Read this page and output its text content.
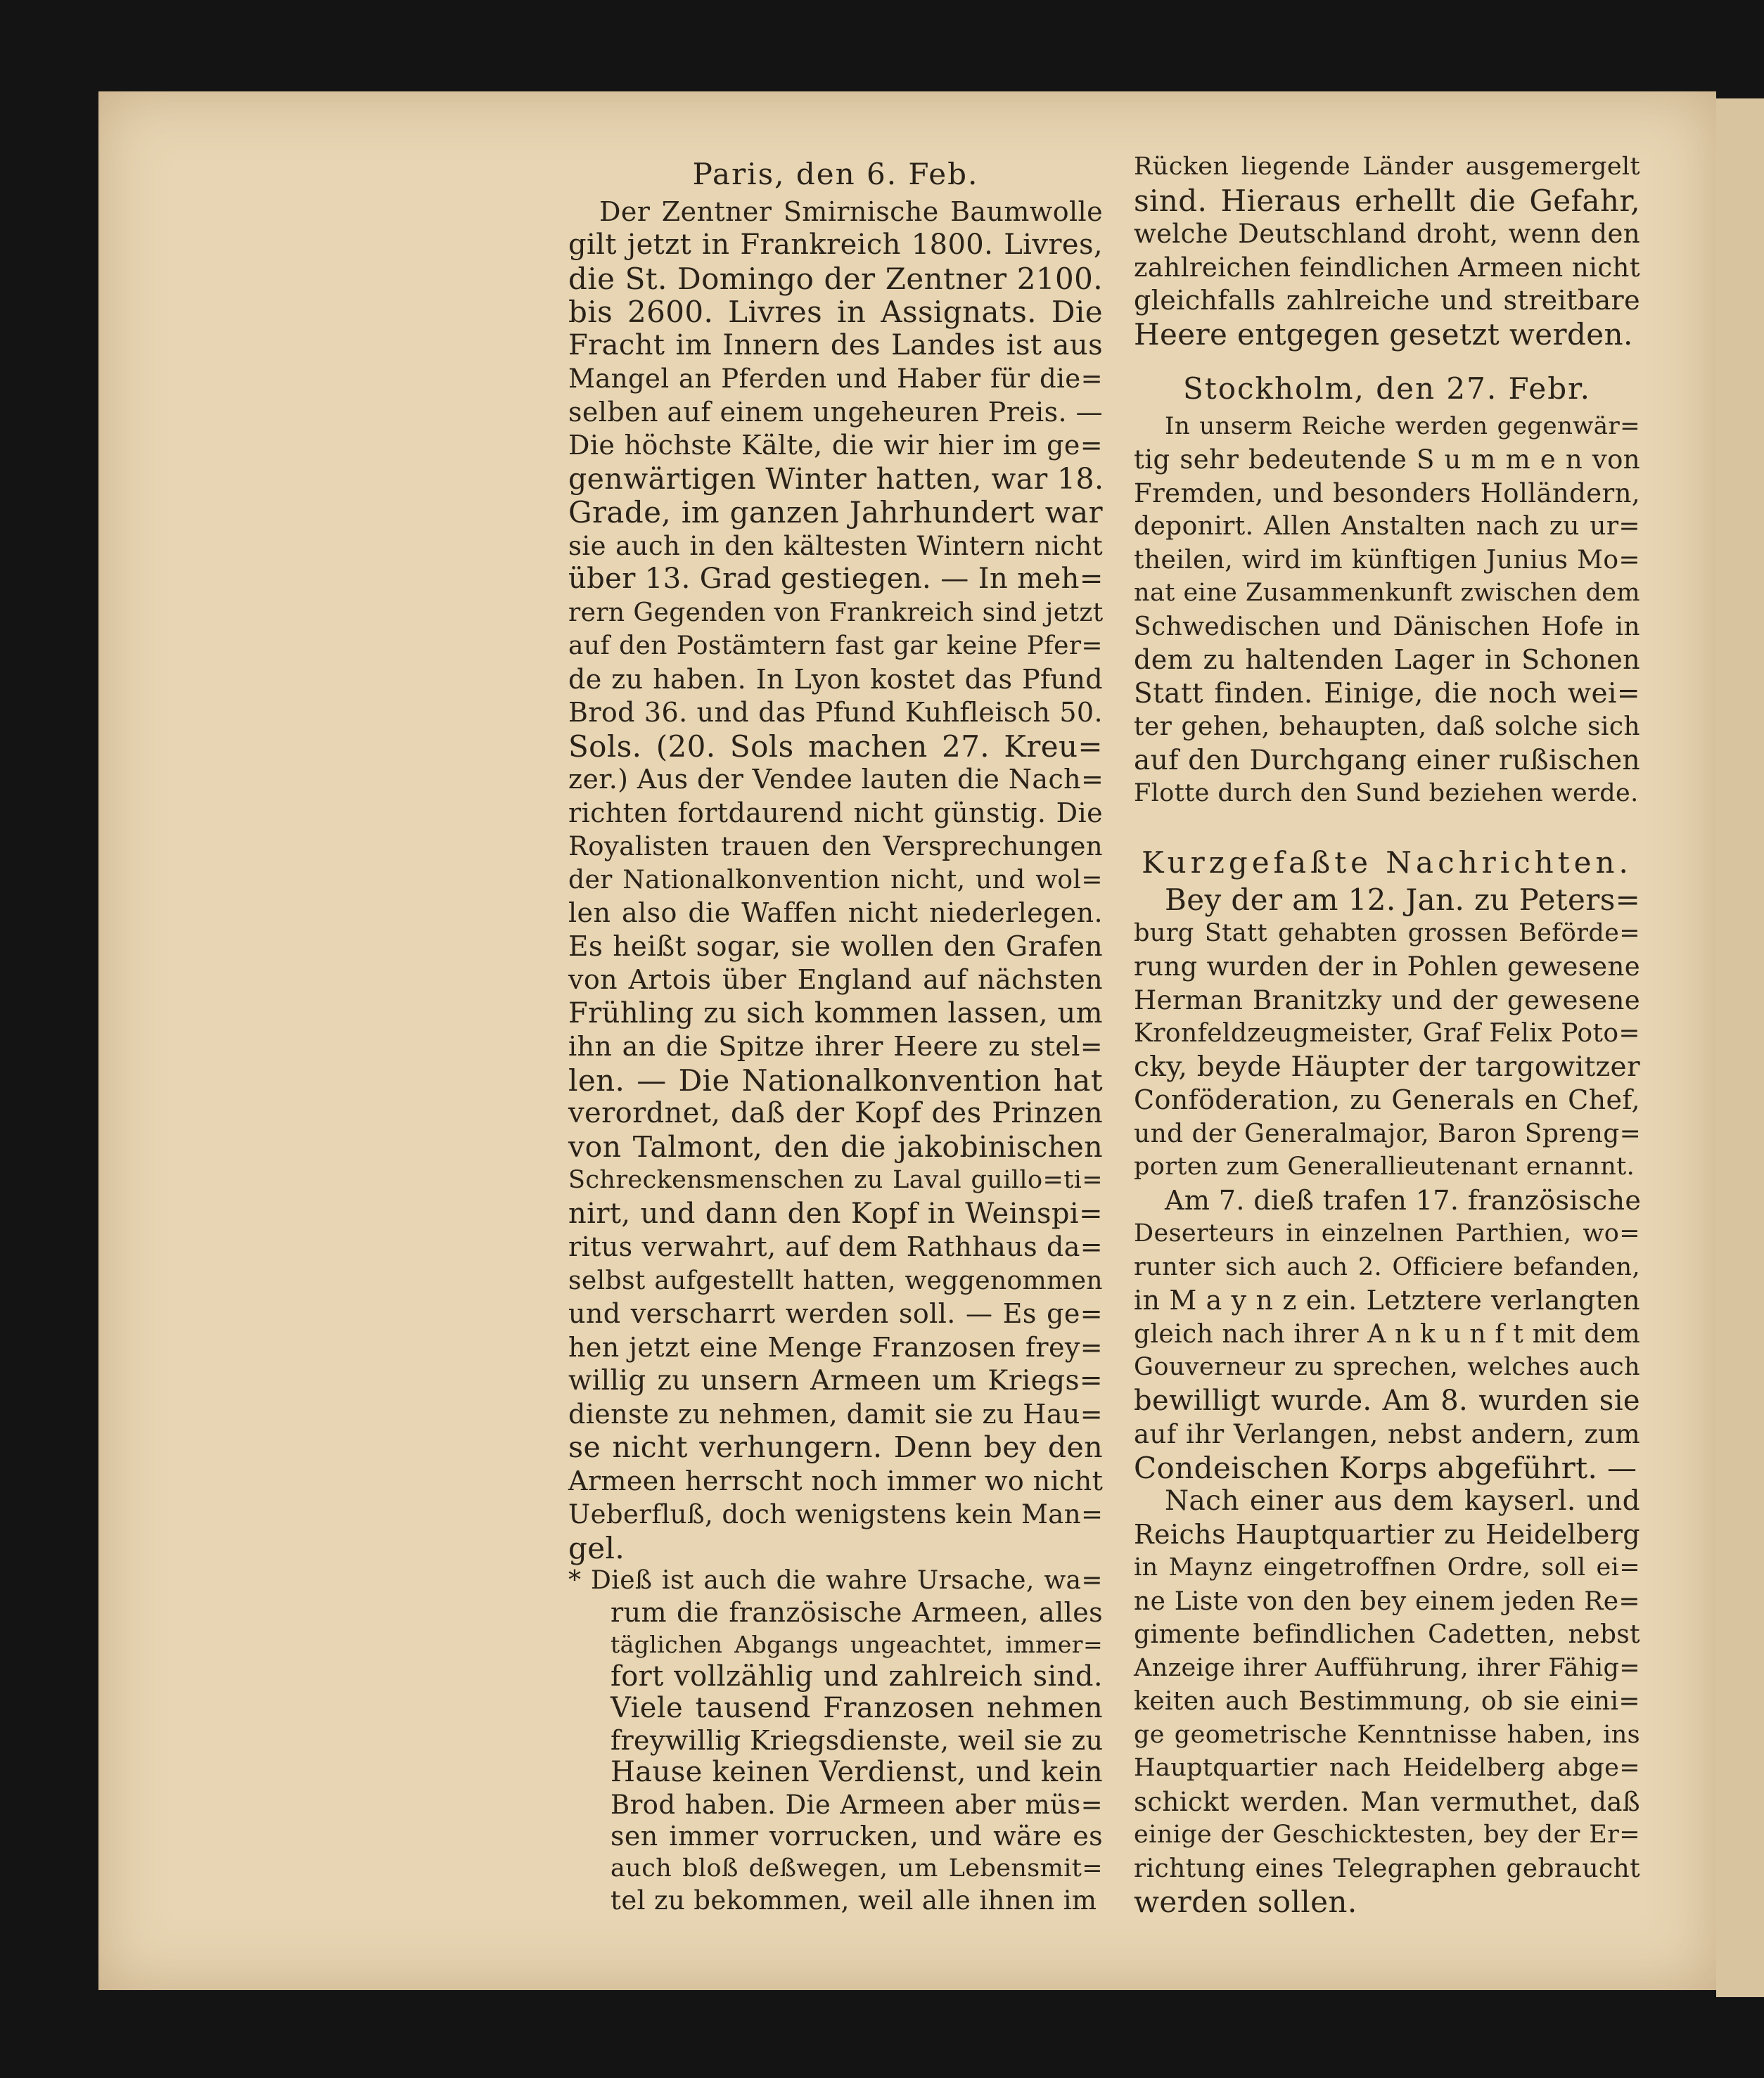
Paris, den 6. Feb.
Der Zentner Smirnische Baumwolle
gilt jetzt in Frankreich 1800. Livres,
die St. Domingo der Zentner 2100.
bis 2600. Livres in Assignats. Die
Fracht im Innern des Landes ist aus
Mangel an Pferden und Haber für die=
selben auf einem ungeheuren Preis. —
Die höchste Kälte, die wir hier im ge=
genwärtigen Winter hatten, war 18.
Grade, im ganzen Jahrhundert war
sie auch in den kältesten Wintern nicht
über 13. Grad gestiegen. — In meh=
rern Gegenden von Frankreich sind jetzt
auf den Postämtern fast gar keine Pfer=
de zu haben. In Lyon kostet das Pfund
Brod 36. und das Pfund Kuhfleisch 50.
Sols. (20. Sols machen 27. Kreu=
zer.) Aus der Vendee lauten die Nach=
richten fortdaurend nicht günstig. Die
Royalisten trauen den Versprechungen
der Nationalkonvention nicht, und wol=
len also die Waffen nicht niederlegen.
Es heißt sogar, sie wollen den Grafen
von Artois über England auf nächsten
Frühling zu sich kommen lassen, um
ihn an die Spitze ihrer Heere zu stel=
len. — Die Nationalkonvention hat
verordnet, daß der Kopf des Prinzen
von Talmont, den die jakobinischen
Schreckensmenschen zu Laval guillo=ti=
nirt, und dann den Kopf in Weinspi=
ritus verwahrt, auf dem Rathhaus da=
selbst aufgestellt hatten, weggenommen
und verscharrt werden soll. — Es ge=
hen jetzt eine Menge Franzosen frey=
willig zu unsern Armeen um Kriegs=
dienste zu nehmen, damit sie zu Hau=
se nicht verhungern. Denn bey den
Armeen herrscht noch immer wo nicht
Ueberfluß, doch wenigstens kein Man=
gel.
* Dieß ist auch die wahre Ursache, wa=
rum die französische Armeen, alles
täglichen Abgangs ungeachtet, immer=
fort vollzählig und zahlreich sind.
Viele tausend Franzosen nehmen
freywillig Kriegsdienste, weil sie zu
Hause keinen Verdienst, und kein
Brod haben. Die Armeen aber müs=
sen immer vorrucken, und wäre es
auch bloß deßwegen, um Lebensmit=
tel zu bekommen, weil alle ihnen im
Rücken liegende Länder ausgemergelt
sind. Hieraus erhellt die Gefahr,
welche Deutschland droht, wenn den
zahlreichen feindlichen Armeen nicht
gleichfalls zahlreiche und streitbare
Heere entgegen gesetzt werden.
Stockholm, den 27. Febr.
In unserm Reiche werden gegenwär=
tig sehr bedeutende S u m m e n von
Fremden, und besonders Holländern,
deponirt. Allen Anstalten nach zu ur=
theilen, wird im künftigen Junius Mo=
nat eine Zusammenkunft zwischen dem
Schwedischen und Dänischen Hofe in
dem zu haltenden Lager in Schonen
Statt finden. Einige, die noch wei=
ter gehen, behaupten, daß solche sich
auf den Durchgang einer rußischen
Flotte durch den Sund beziehen werde.
Kurzgefaßte Nachrichten.
Bey der am 12. Jan. zu Peters=
burg Statt gehabten grossen Beförde=
rung wurden der in Pohlen gewesene
Herman Branitzky und der gewesene
Kronfeldzeugmeister, Graf Felix Poto=
cky, beyde Häupter der targowitzer
Conföderation, zu Generals en Chef,
und der Generalmajor, Baron Spreng=
porten zum Generallieutenant ernannt.
Am 7. dieß trafen 17. französische
Deserteurs in einzelnen Parthien, wo=
runter sich auch 2. Officiere befanden,
in M a y n z ein. Letztere verlangten
gleich nach ihrer A n k u n f t mit dem
Gouverneur zu sprechen, welches auch
bewilligt wurde. Am 8. wurden sie
auf ihr Verlangen, nebst andern, zum
Condeischen Korps abgeführt. —
Nach einer aus dem kayserl. und
Reichs Hauptquartier zu Heidelberg
in Maynz eingetroffnen Ordre, soll ei=
ne Liste von den bey einem jeden Re=
gimente befindlichen Cadetten, nebst
Anzeige ihrer Aufführung, ihrer Fähig=
keiten auch Bestimmung, ob sie eini=
ge geometrische Kenntnisse haben, ins
Hauptquartier nach Heidelberg abge=
schickt werden. Man vermuthet, daß
einige der Geschicktesten, bey der Er=
richtung eines Telegraphen gebraucht
werden sollen.
